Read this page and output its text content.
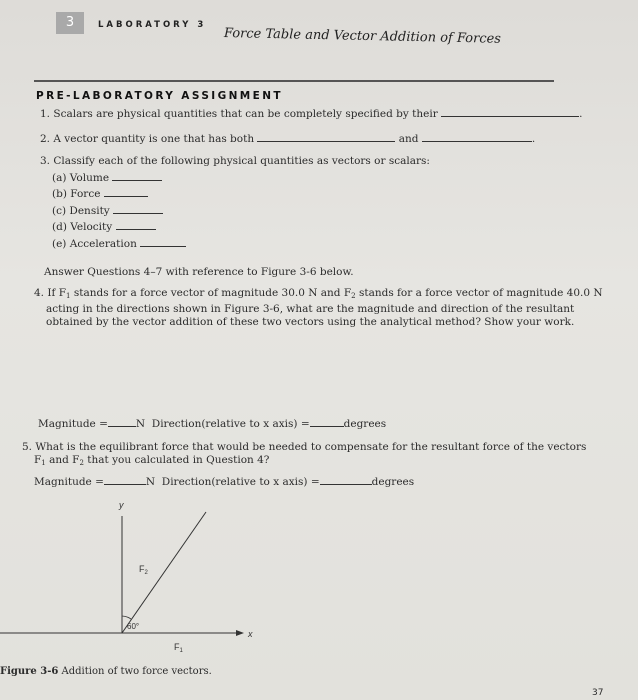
3	LABORATORY 3
Force Table and Vector Addition of Forces
PRE-LABORATORY ASSIGNMENT
1. Scalars are physical quantities that can be completely specified by their	.
2. A vector quantity is one that has both	and	.
3. Classify each of the following physical quantities as vectors or scalars:
(a) Volume
(b) Force
(c) Density
(d) Velocity
(e) Acceleration
Answer Questions 4–7 with reference to Figure 3-6 below.
4. If $F_1$ stands for a force vector of magnitude 30.0 N and $F_2$ stands for a force vector of magnitude 40.0 N
acting in the directions shown in Figure 3-6, what are the magnitude and direction of the resultant
obtained by the vector addition of these two vectors using the analytical method? Show your work.
Magnitude =	N Direction(relative to x axis) =	degrees
5. What is the equilibrant force that would be needed to compensate for the resultant force of the vectors
$F_1$ and $F_2$ that you calculated in Question 4?
Magnitude =	N Direction(relative to x axis) =	degrees
y
x
$F_2$
60°
$F_1$
Figure 3-6 Addition of two force vectors.
37
